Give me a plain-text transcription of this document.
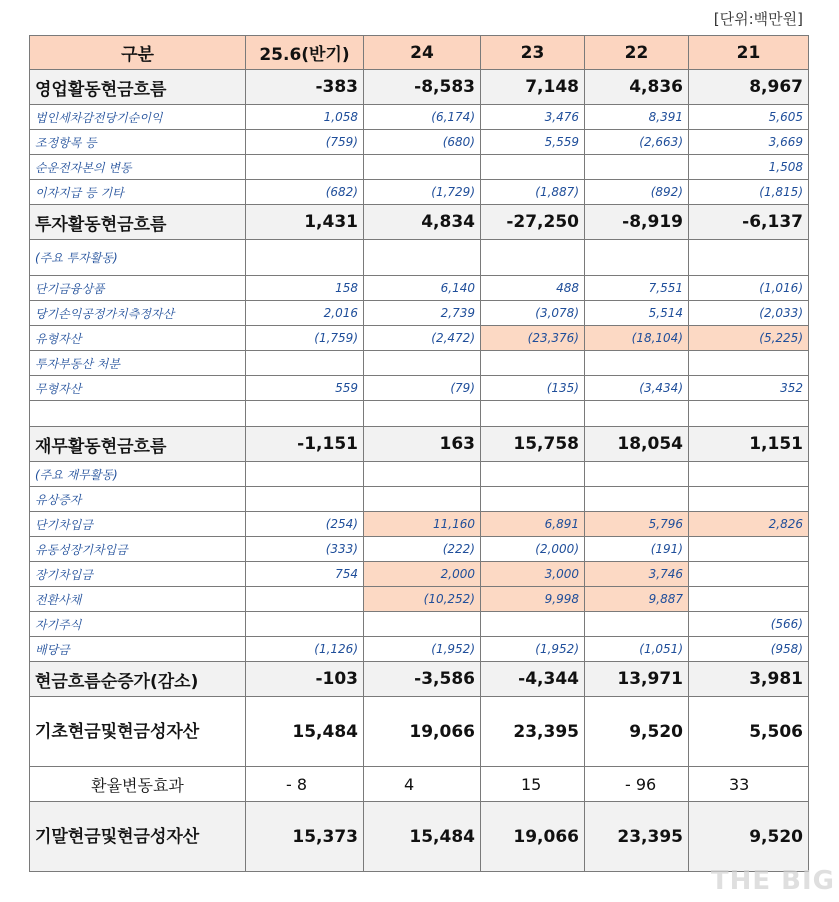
[단위:백만원]
구분	25.6(반기)	24	23	22	21
영업활동현금흐름	-383	-8,583	7,148	4,836	8,967
법인세차감전당기순이익	1,058	(6,174)	3,476	8,391	5,605
조정항목 등	(759)	(680)	5,559	(2,663)	3,669
순운전자본의 변동					1,508
이자지급 등 기타	(682)	(1,729)	(1,887)	(892)	(1,815)
투자활동현금흐름	1,431	4,834	-27,250	-8,919	-6,137
(주요 투자활동)					
단기금융상품	158	6,140	488	7,551	(1,016)
당기손익공정가치측정자산	2,016	2,739	(3,078)	5,514	(2,033)
유형자산	(1,759)	(2,472)	(23,376)	(18,104)	(5,225)
투자부동산 처분					
무형자산	559	(79)	(135)	(3,434)	352

재무활동현금흐름	-1,151	163	15,758	18,054	1,151
(주요 재무활동)					
유상증자					
단기차입금	(254)	11,160	6,891	5,796	2,826
유동성장기차입금	(333)	(222)	(2,000)	(191)	
장기차입금	754	2,000	3,000	3,746	
전환사채		(10,252)	9,998	9,887	
자기주식					(566)
배당금	(1,126)	(1,952)	(1,952)	(1,051)	(958)
현금흐름순증가(감소)	-103	-3,586	-4,344	13,971	3,981
기초현금및현금성자산	15,484	19,066	23,395	9,520	5,506
환율변동효과	- 8	4	15	- 96	33
기말현금및현금성자산	15,373	15,484	19,066	23,395	9,520
THE BIG
